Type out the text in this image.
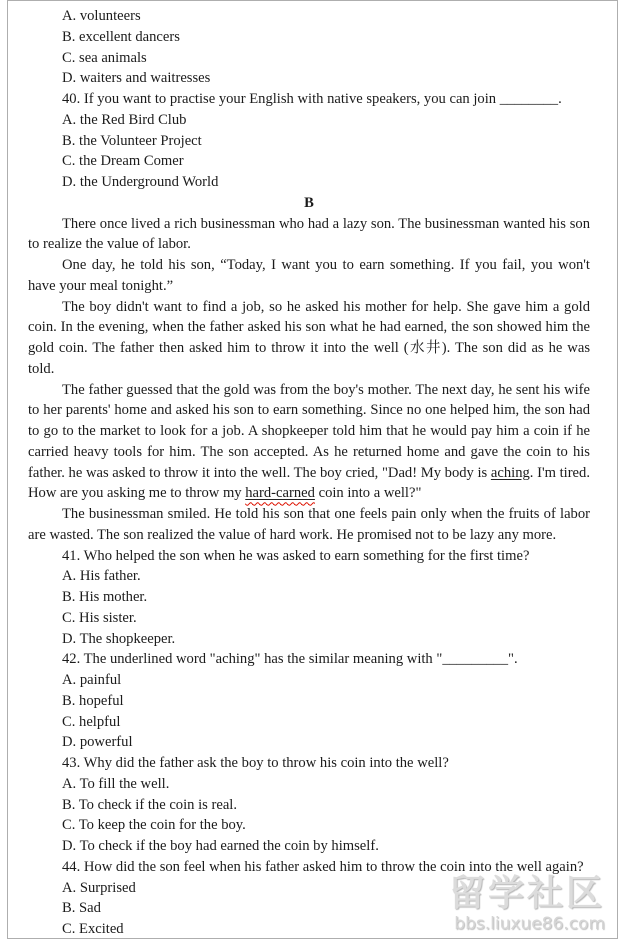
A. volunteers
B. excellent dancers
C. sea animals
D. waiters and waitresses
40. If you want to practise your English with native speakers, you can join ________.
A. the Red Bird Club
B. the Volunteer Project
C. the Dream Comer
D. the Underground World
B

There once lived a rich businessman who had a lazy son. The businessman wanted his son to realize the value of labor.

One day, he told his son, “Today, I want you to earn something. If you fail, you won't have your meal tonight.”

The boy didn't want to find a job, so he asked his mother for help. She gave him a gold coin. In the evening, when the father asked his son what he had earned, the son showed him the gold coin. The father then asked him to throw it into the well (水井). The son did as he was told.

The father guessed that the gold was from the boy's mother. The next day, he sent his wife to her parents' home and asked his son to earn something. Since no one helped him, the son had to go to the market to look for a job. A shopkeeper told him that he would pay him a coin if he carried heavy tools for him. The son accepted. As he returned home and gave the coin to his father. he was asked to throw it into the well. The boy cried, "Dad! My body is aching. I'm tired. How are you asking me to throw my hard-carned coin into a well?"

The businessman smiled. He told his son that one feels pain only when the fruits of labor are wasted. The son realized the value of hard work. He promised not to be lazy any more.

41. Who helped the son when he was asked to earn something for the first time?
A. His father.
B. His mother.
C. His sister.
D. The shopkeeper.
42. The underlined word "aching" has the similar meaning with "_________".
A. painful
B. hopeful
C. helpful
D. powerful
43. Why did the father ask the boy to throw his coin into the well?
A. To fill the well.
B. To check if the coin is real.
C. To keep the coin for the boy.
D. To check if the boy had earned the coin by himself.
44. How did the son feel when his father asked him to throw the coin into the well again?
A. Surprised
B. Sad
C. Excited
留学社区
bbs.liuxue86.com
